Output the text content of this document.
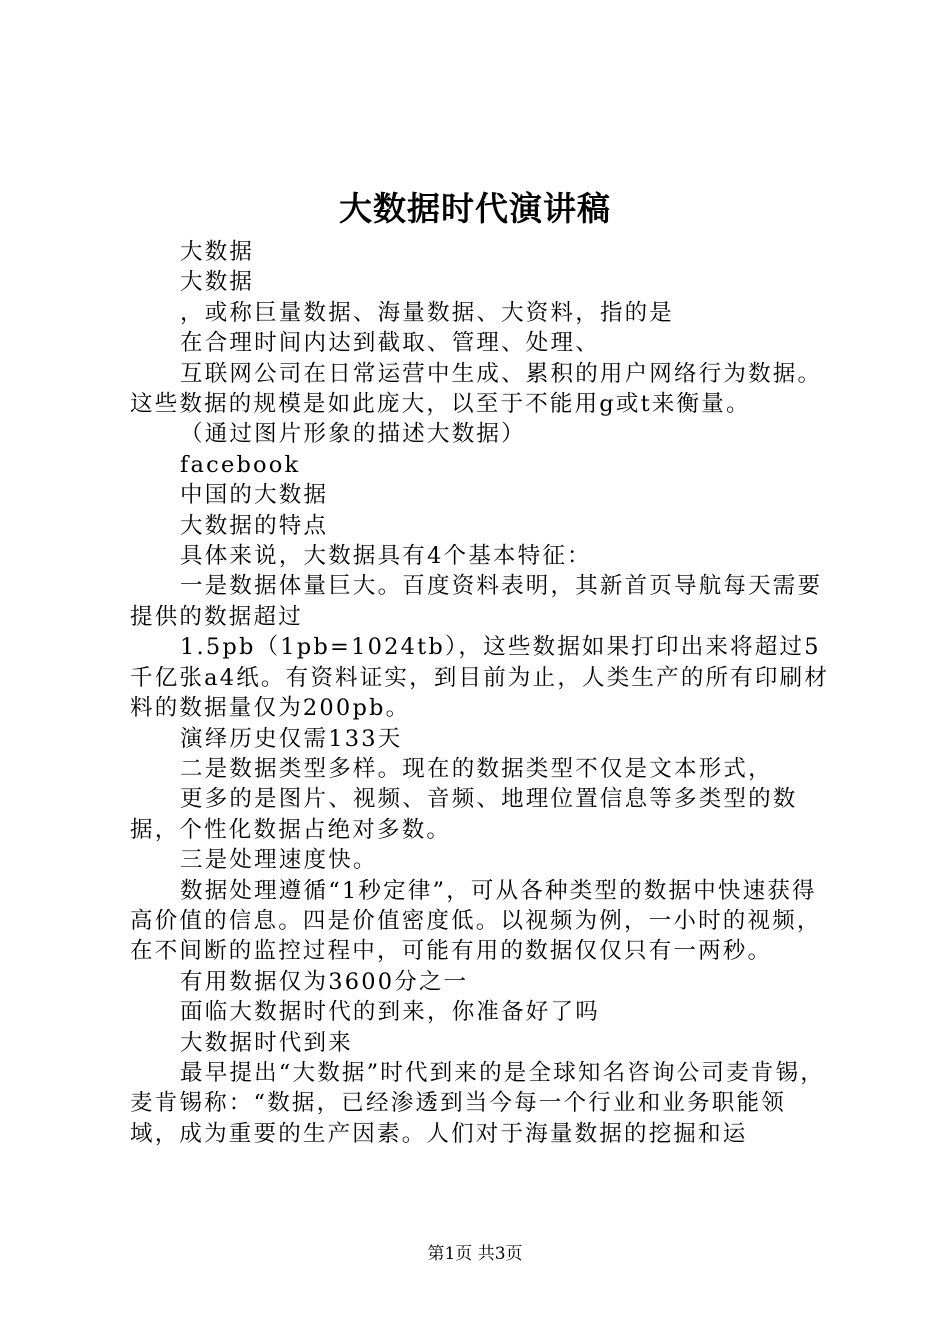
大数据时代演讲稿

大数据

大数据

，或称巨量数据、海量数据、大资料，指的是

在合理时间内达到截取、管理、处理、

互联网公司在日常运营中生成、累积的用户网络行为数据。这些数据的规模是如此庞大，以至于不能用g或t来衡量。

（通过图片形象的描述大数据）

facebook

中国的大数据

大数据的特点

具体来说，大数据具有4个基本特征：

一是数据体量巨大。百度资料表明，其新首页导航每天需要提供的数据超过

1.5pb（1pb=1024tb），这些数据如果打印出来将超过5千亿张a4纸。有资料证实，到目前为止，人类生产的所有印刷材料的数据量仅为200pb。

演绎历史仅需133天

二是数据类型多样。现在的数据类型不仅是文本形式，

更多的是图片、视频、音频、地理位置信息等多类型的数据，个性化数据占绝对多数。

三是处理速度快。

数据处理遵循“1秒定律”，可从各种类型的数据中快速获得高价值的信息。四是价值密度低。以视频为例，一小时的视频，在不间断的监控过程中，可能有用的数据仅仅只有一两秒。

有用数据仅为3600分之一

面临大数据时代的到来，你准备好了吗

大数据时代到来

最早提出“大数据”时代到来的是全球知名咨询公司麦肯锡，麦肯锡称：“数据，已经渗透到当今每一个行业和业务职能领域，成为重要的生产因素。人们对于海量数据的挖掘和运

第1页 共3页
